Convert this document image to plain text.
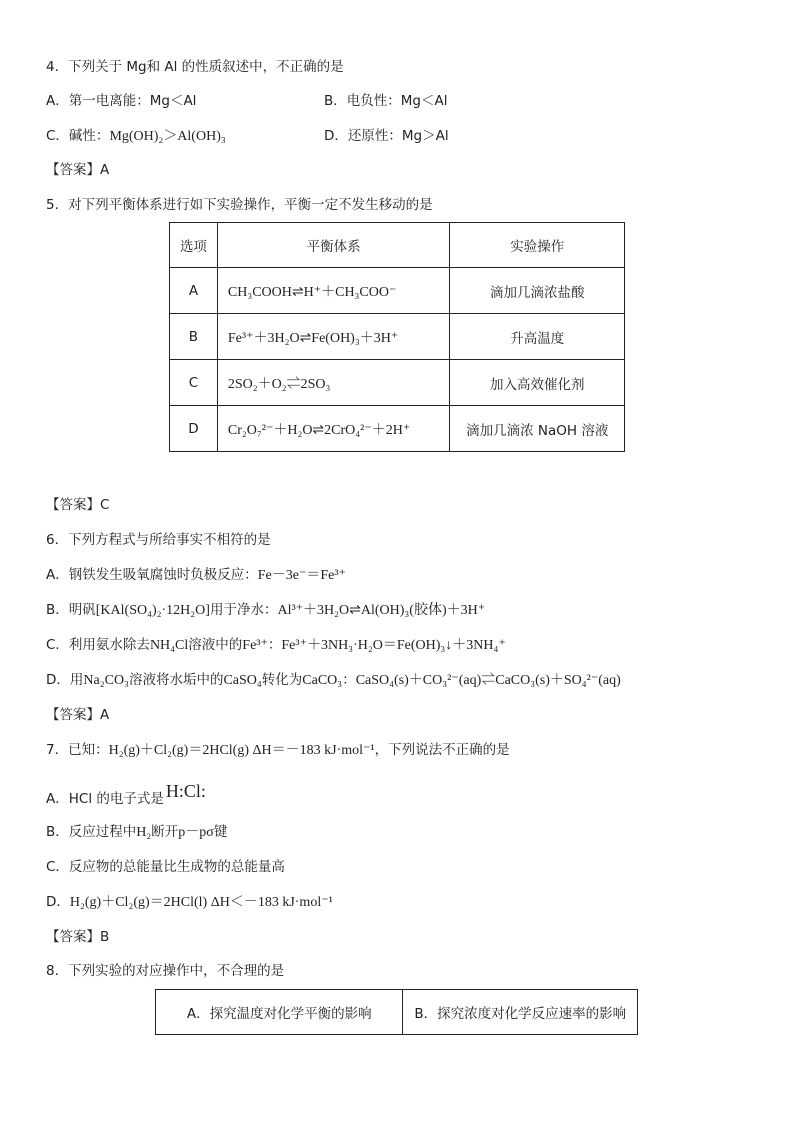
4．下列关于 Mg和 Al 的性质叙述中，不正确的是
A．第一电离能：Mg＜Al	B．电负性：Mg＜Al
C．碱性：Mg(OH)₂＞Al(OH)₃	D．还原性：Mg＞Al
【答案】A
5．对下列平衡体系进行如下实验操作，平衡一定不发生移动的是
选项	平衡体系	实验操作
A	CH₃COOH⇌H⁺＋CH₃COO⁻	滴加几滴浓盐酸
B	Fe³⁺＋3H₂O⇌Fe(OH)₃＋3H⁺	升高温度
C	2SO₂＋O₂⇌2SO₃	加入高效催化剂
D	Cr₂O₇²⁻＋H₂O⇌2CrO₄²⁻＋2H⁺	滴加几滴浓 NaOH 溶液
【答案】C
6．下列方程式与所给事实不相符的是
A．钢铁发生吸氧腐蚀时负极反应：Fe－3e⁻＝Fe³⁺
B．明矾[KAl(SO₄)₂·12H₂O]用于净水：Al³⁺＋3H₂O⇌Al(OH)₃(胶体)＋3H⁺
C．利用氨水除去NH₄Cl溶液中的Fe³⁺：Fe³⁺＋3NH₃·H₂O＝Fe(OH)₃↓＋3NH₄⁺
D．用Na₂CO₃溶液将水垢中的CaSO₄转化为CaCO₃：CaSO₄(s)＋CO₃²⁻(aq)⇌CaCO₃(s)＋SO₄²⁻(aq)
【答案】A
7．已知：H₂(g)＋Cl₂(g)＝2HCl(g) ΔH＝－183 kJ·mol⁻¹，下列说法不正确的是
A．HCl 的电子式是 H:Cl:
B．反应过程中H₂断开p－pσ键
C．反应物的总能量比生成物的总能量高
D．H₂(g)＋Cl₂(g)＝2HCl(l) ΔH＜－183 kJ·mol⁻¹
【答案】B
8．下列实验的对应操作中，不合理的是
A．探究温度对化学平衡的影响	B．探究浓度对化学反应速率的影响
